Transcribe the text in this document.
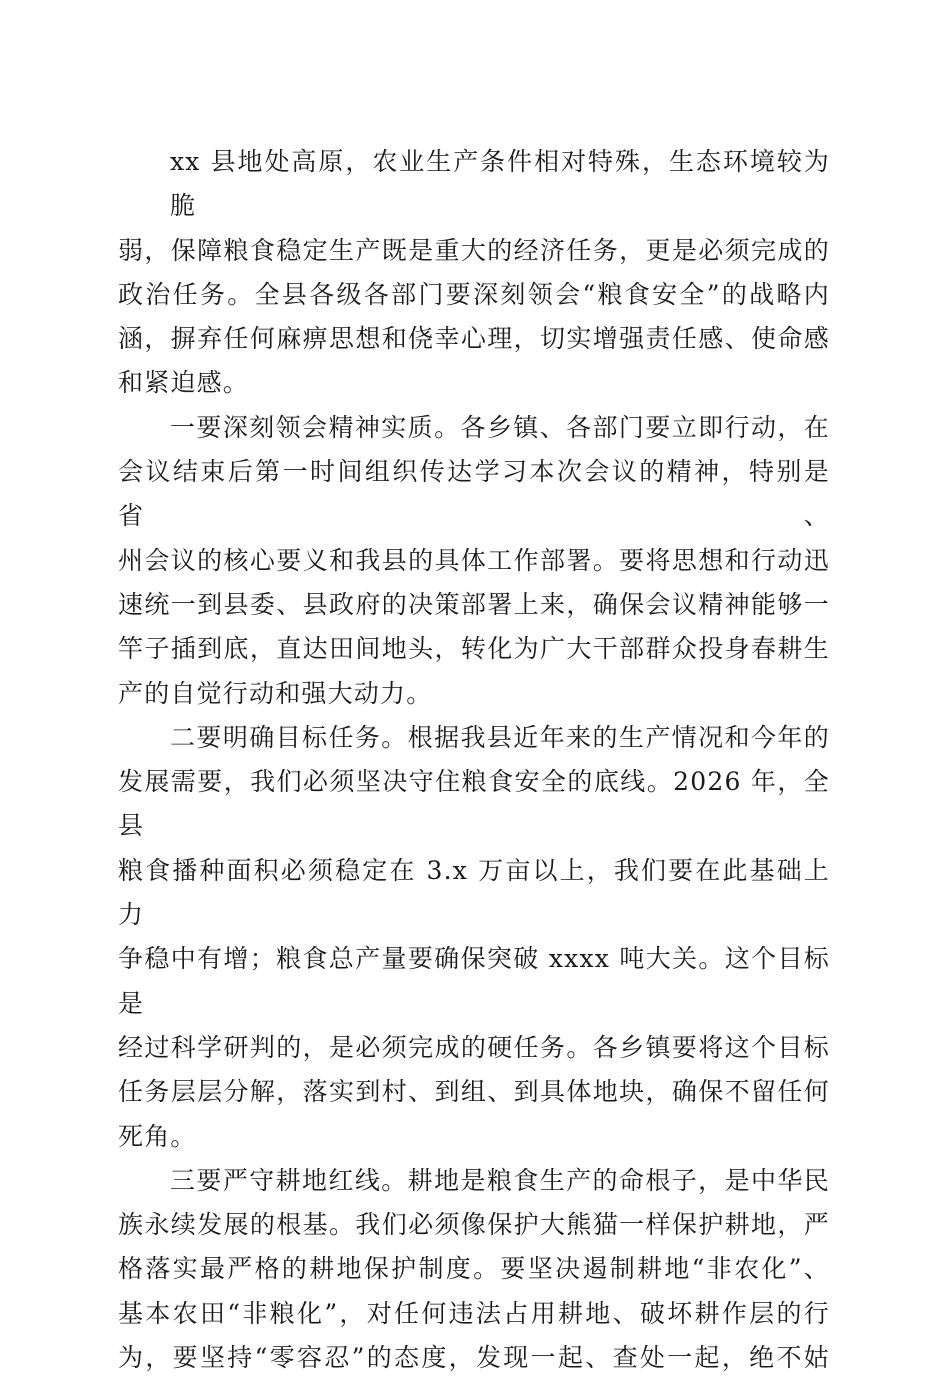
xx 县地处高原，农业生产条件相对特殊，生态环境较为脆
弱，保障粮食稳定生产既是重大的经济任务，更是必须完成的
政治任务。全县各级各部门要深刻领会“粮食安全”的战略内
涵，摒弃任何麻痹思想和侥幸心理，切实增强责任感、使命感
和紧迫感。

一要深刻领会精神实质。各乡镇、各部门要立即行动，在
会议结束后第一时间组织传达学习本次会议的精神，特别是省、
州会议的核心要义和我县的具体工作部署。要将思想和行动迅
速统一到县委、县政府的决策部署上来，确保会议精神能够一
竿子插到底，直达田间地头，转化为广大干部群众投身春耕生
产的自觉行动和强大动力。

二要明确目标任务。根据我县近年来的生产情况和今年的
发展需要，我们必须坚决守住粮食安全的底线。2026 年，全县
粮食播种面积必须稳定在 3.x 万亩以上，我们要在此基础上力
争稳中有增；粮食总产量要确保突破 xxxx 吨大关。这个目标是
经过科学研判的，是必须完成的硬任务。各乡镇要将这个目标
任务层层分解，落实到村、到组、到具体地块，确保不留任何
死角。

三要严守耕地红线。耕地是粮食生产的命根子，是中华民
族永续发展的根基。我们必须像保护大熊猫一样保护耕地，严
格落实最严格的耕地保护制度。要坚决遏制耕地“非农化”、
基本农田“非粮化”，对任何违法占用耕地、破坏耕作层的行
为，要坚持“零容忍”的态度，发现一起、查处一起，绝不姑
